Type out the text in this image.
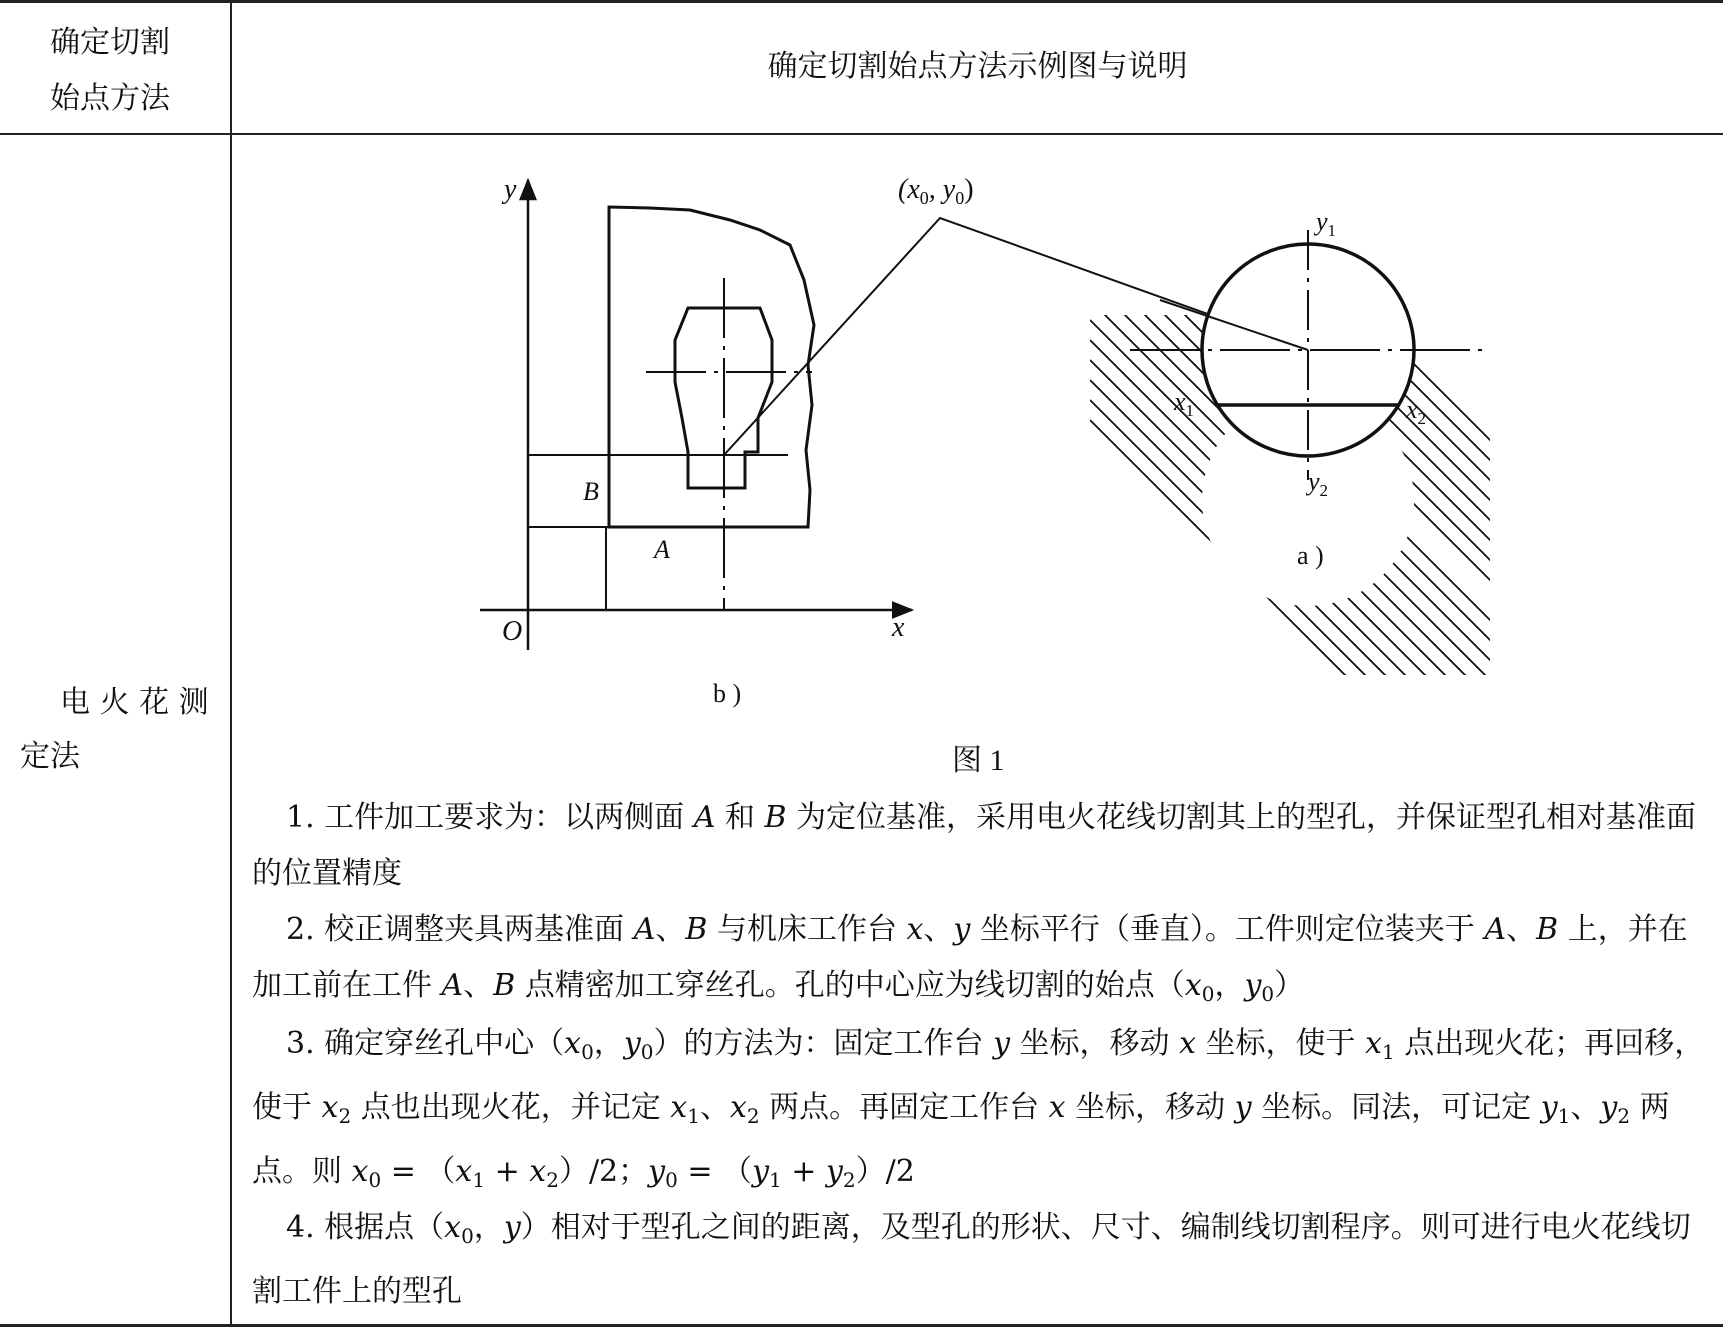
确定切割
始点方法
确定切割始点方法示例图与说明
电 火 花 测
定法
y
x
O
B
A
($x_0$, $y_0$)
$y_1$
$y_2$
$x_1$	$x_2$
a )
b )
图 1
1. 工件加工要求为：以两侧面 A 和 B 为定位基准，采用电火花线切割其上的型孔，并保证型孔相对基准面的位置精度
2. 校正调整夹具两基准面 A、B 与机床工作台 x、y 坐标平行（垂直）。工件则定位装夹于 A、B 上，并在加工前在工件 A、B 点精密加工穿丝孔。孔的中心应为线切割的始点（$x_0$，$y_0$）
3. 确定穿丝孔中心（$x_0$，$y_0$）的方法为：固定工作台 y 坐标，移动 x 坐标，使于 $x_1$ 点出现火花；再回移，使于 $x_2$ 点也出现火花，并记定 $x_1$、$x_2$ 两点。再固定工作台 x 坐标，移动 y 坐标。同法，可记定 $y_1$、$y_2$ 两点。则 $x_0 = (x_1 + x_2)/2$；$y_0 = (y_1 + y_2)/2$
4. 根据点（$x_0$，y）相对于型孔之间的距离，及型孔的形状、尺寸、编制线切割程序。则可进行电火花线切割工件上的型孔
